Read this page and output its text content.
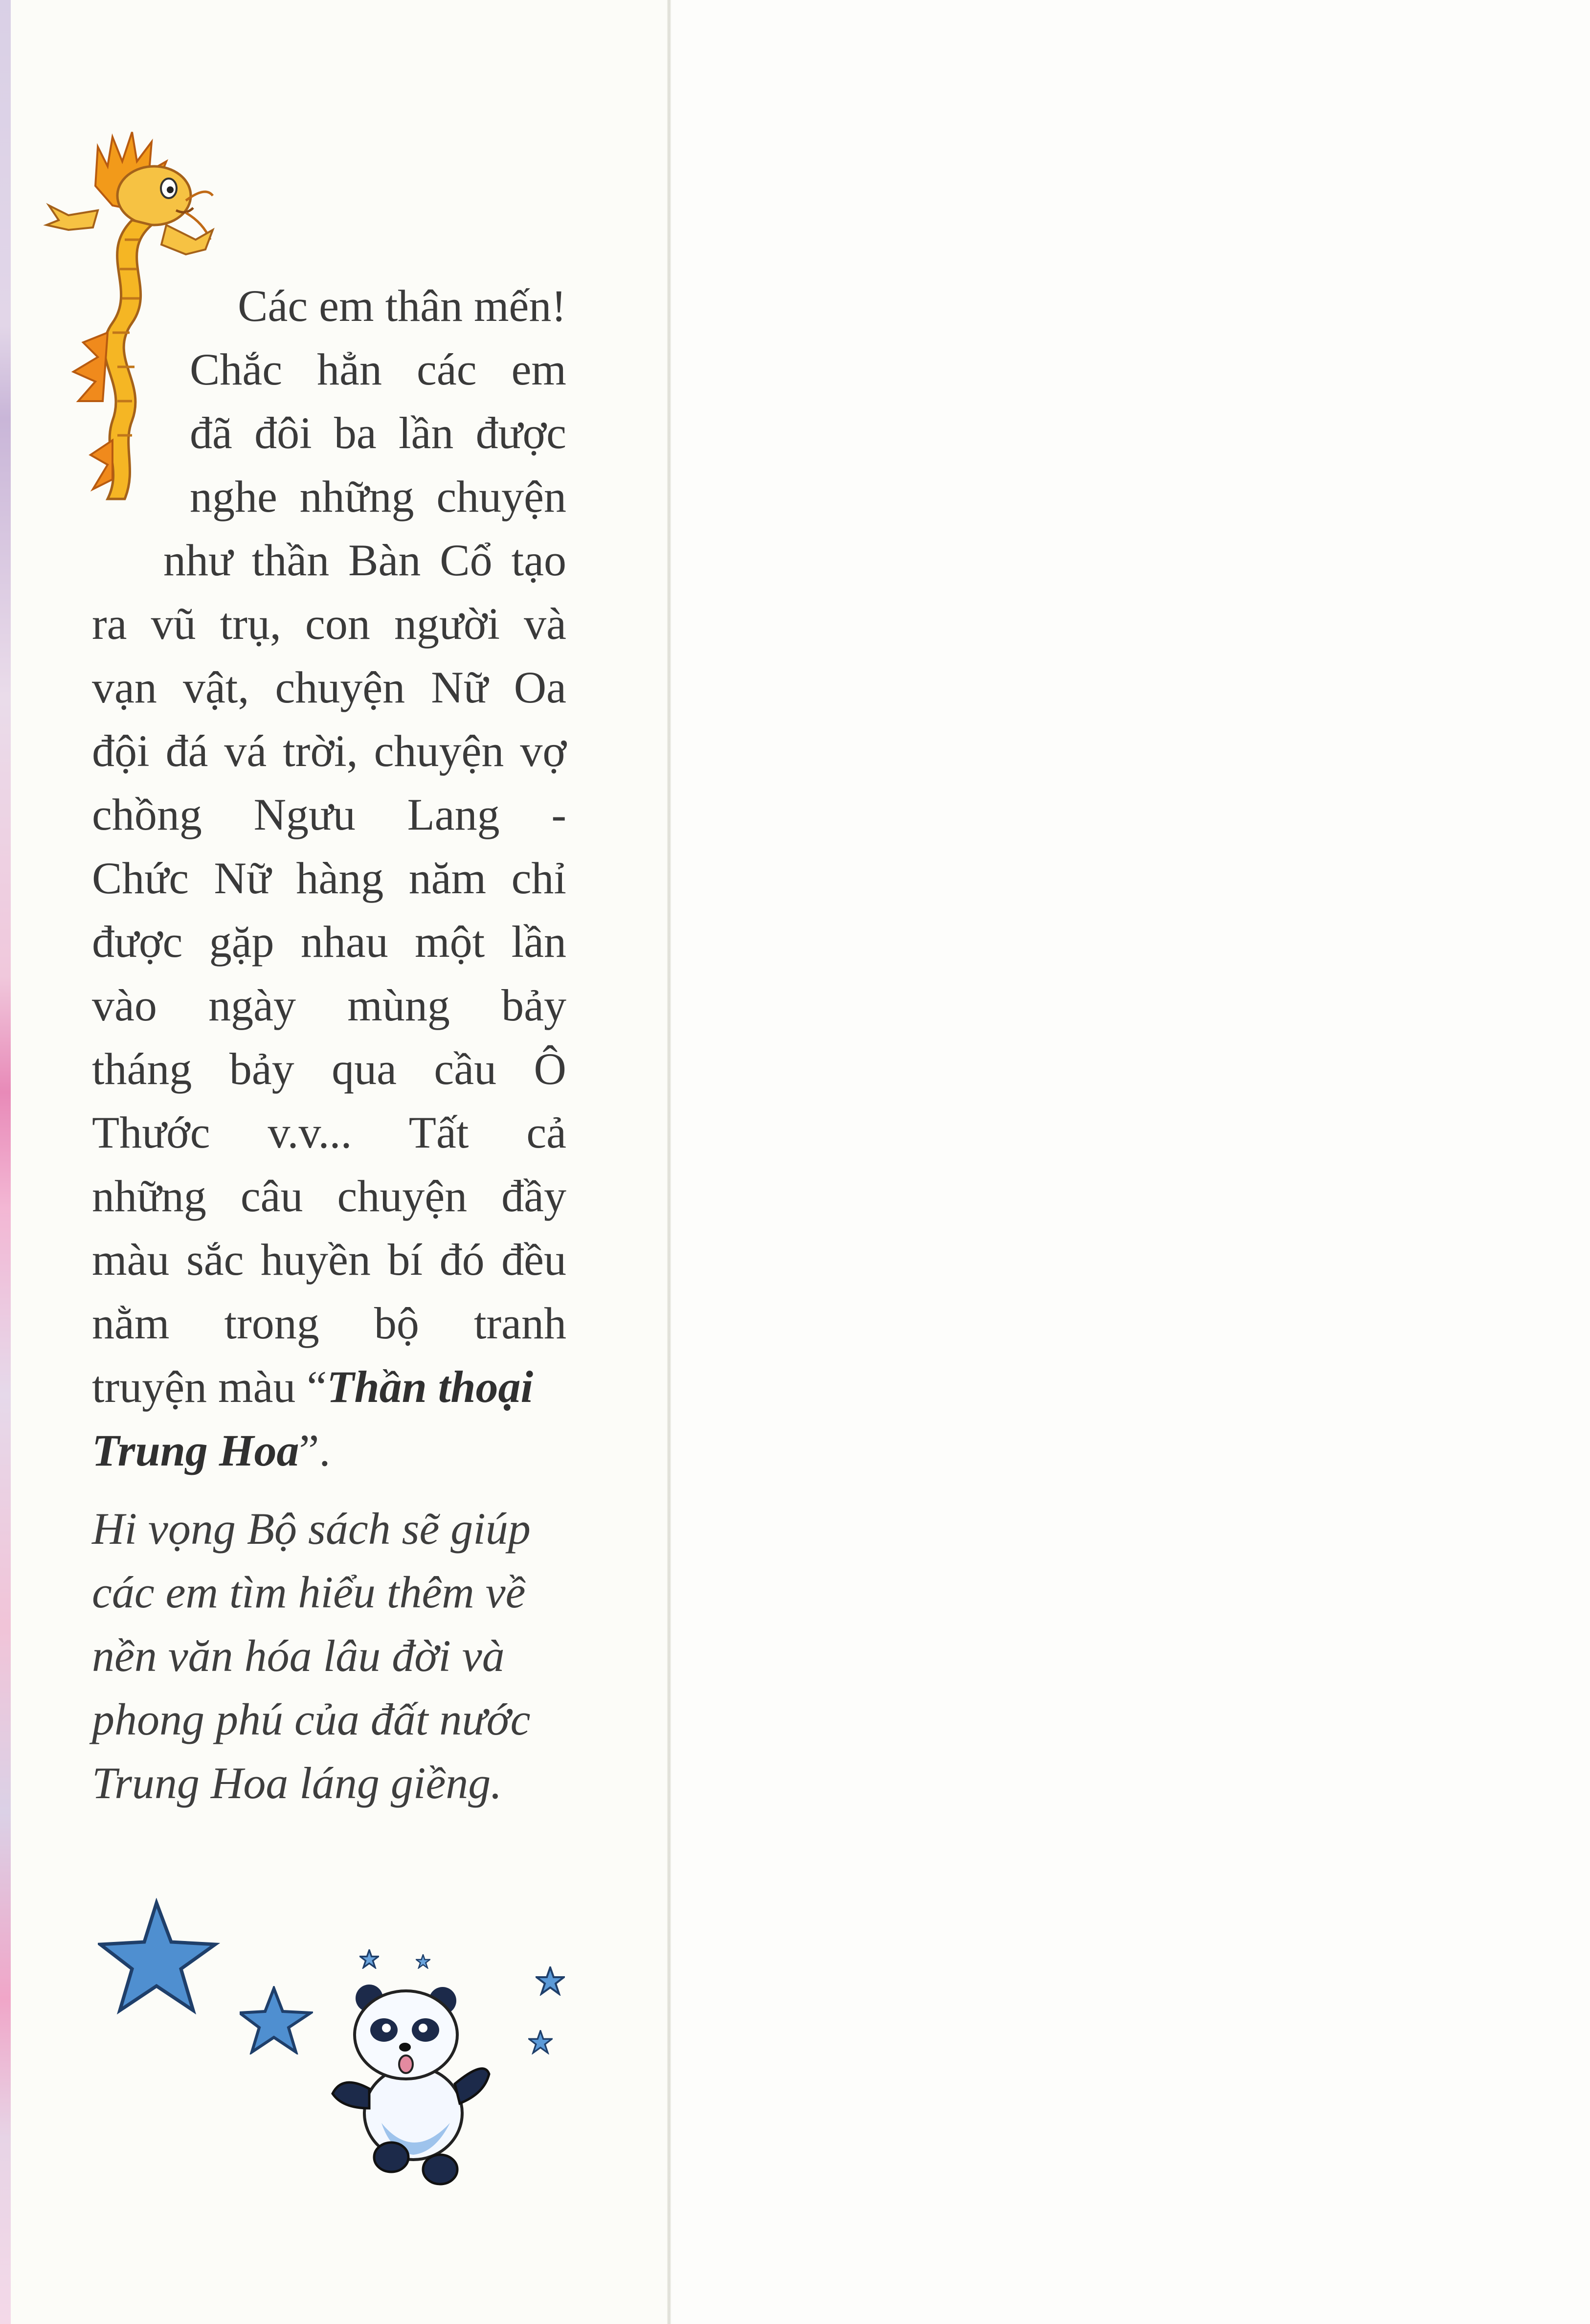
Các em thân mến!
Chắc hẳn các em
đã đôi ba lần được
nghe những chuyện
như thần Bàn Cổ tạo
ra vũ trụ, con người và
vạn vật, chuyện Nữ Oa
đội đá vá trời, chuyện vợ
chồng Ngưu Lang -
Chức Nữ hàng năm chỉ
được gặp nhau một lần
vào ngày mùng bảy
tháng bảy qua cầu Ô
Thước v.v... Tất cả
những câu chuyện đầy
màu sắc huyền bí đó đều
nằm trong bộ tranh
truyện màu “Thần thoại
Trung Hoa”.
Hi vọng Bộ sách sẽ giúp
các em tìm hiểu thêm về
nền văn hóa lâu đời và
phong phú của đất nước
Trung Hoa láng giềng.
